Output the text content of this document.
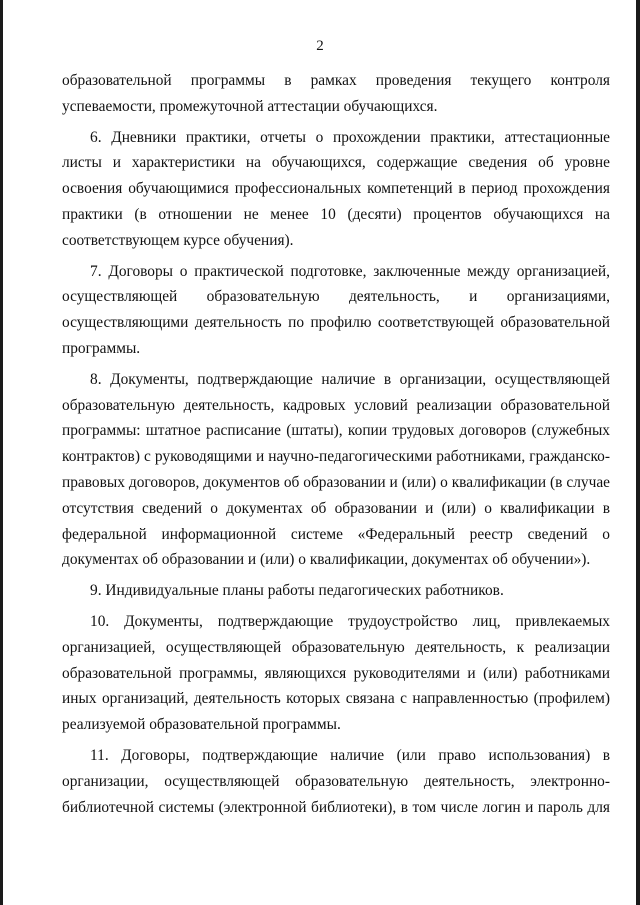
2

образовательной программы в рамках проведения текущего контроля успеваемости, промежуточной аттестации обучающихся.

6. Дневники практики, отчеты о прохождении практики, аттестационные листы и характеристики на обучающихся, содержащие сведения об уровне освоения обучающимися профессиональных компетенций в период прохождения практики (в отношении не менее 10 (десяти) процентов обучающихся на соответствующем курсе обучения).

7. Договоры о практической подготовке, заключенные между организацией, осуществляющей образовательную деятельность, и организациями, осуществляющими деятельность по профилю соответствующей образовательной программы.

8. Документы, подтверждающие наличие в организации, осуществляющей образовательную деятельность, кадровых условий реализации образовательной программы: штатное расписание (штаты), копии трудовых договоров (служебных контрактов) с руководящими и научно-педагогическими работниками, гражданско-правовых договоров, документов об образовании и (или) о квалификации (в случае отсутствия сведений о документах об образовании и (или) о квалификации в федеральной информационной системе «Федеральный реестр сведений о документах об образовании и (или) о квалификации, документах об обучении»).

9. Индивидуальные планы работы педагогических работников.

10. Документы, подтверждающие трудоустройство лиц, привлекаемых организацией, осуществляющей образовательную деятельность, к реализации образовательной программы, являющихся руководителями и (или) работниками иных организаций, деятельность которых связана с направленностью (профилем) реализуемой образовательной программы.

11. Договоры, подтверждающие наличие (или право использования) в организации, осуществляющей образовательную деятельность, электронно-библиотечной системы (электронной библиотеки), в том числе логин и пароль для
